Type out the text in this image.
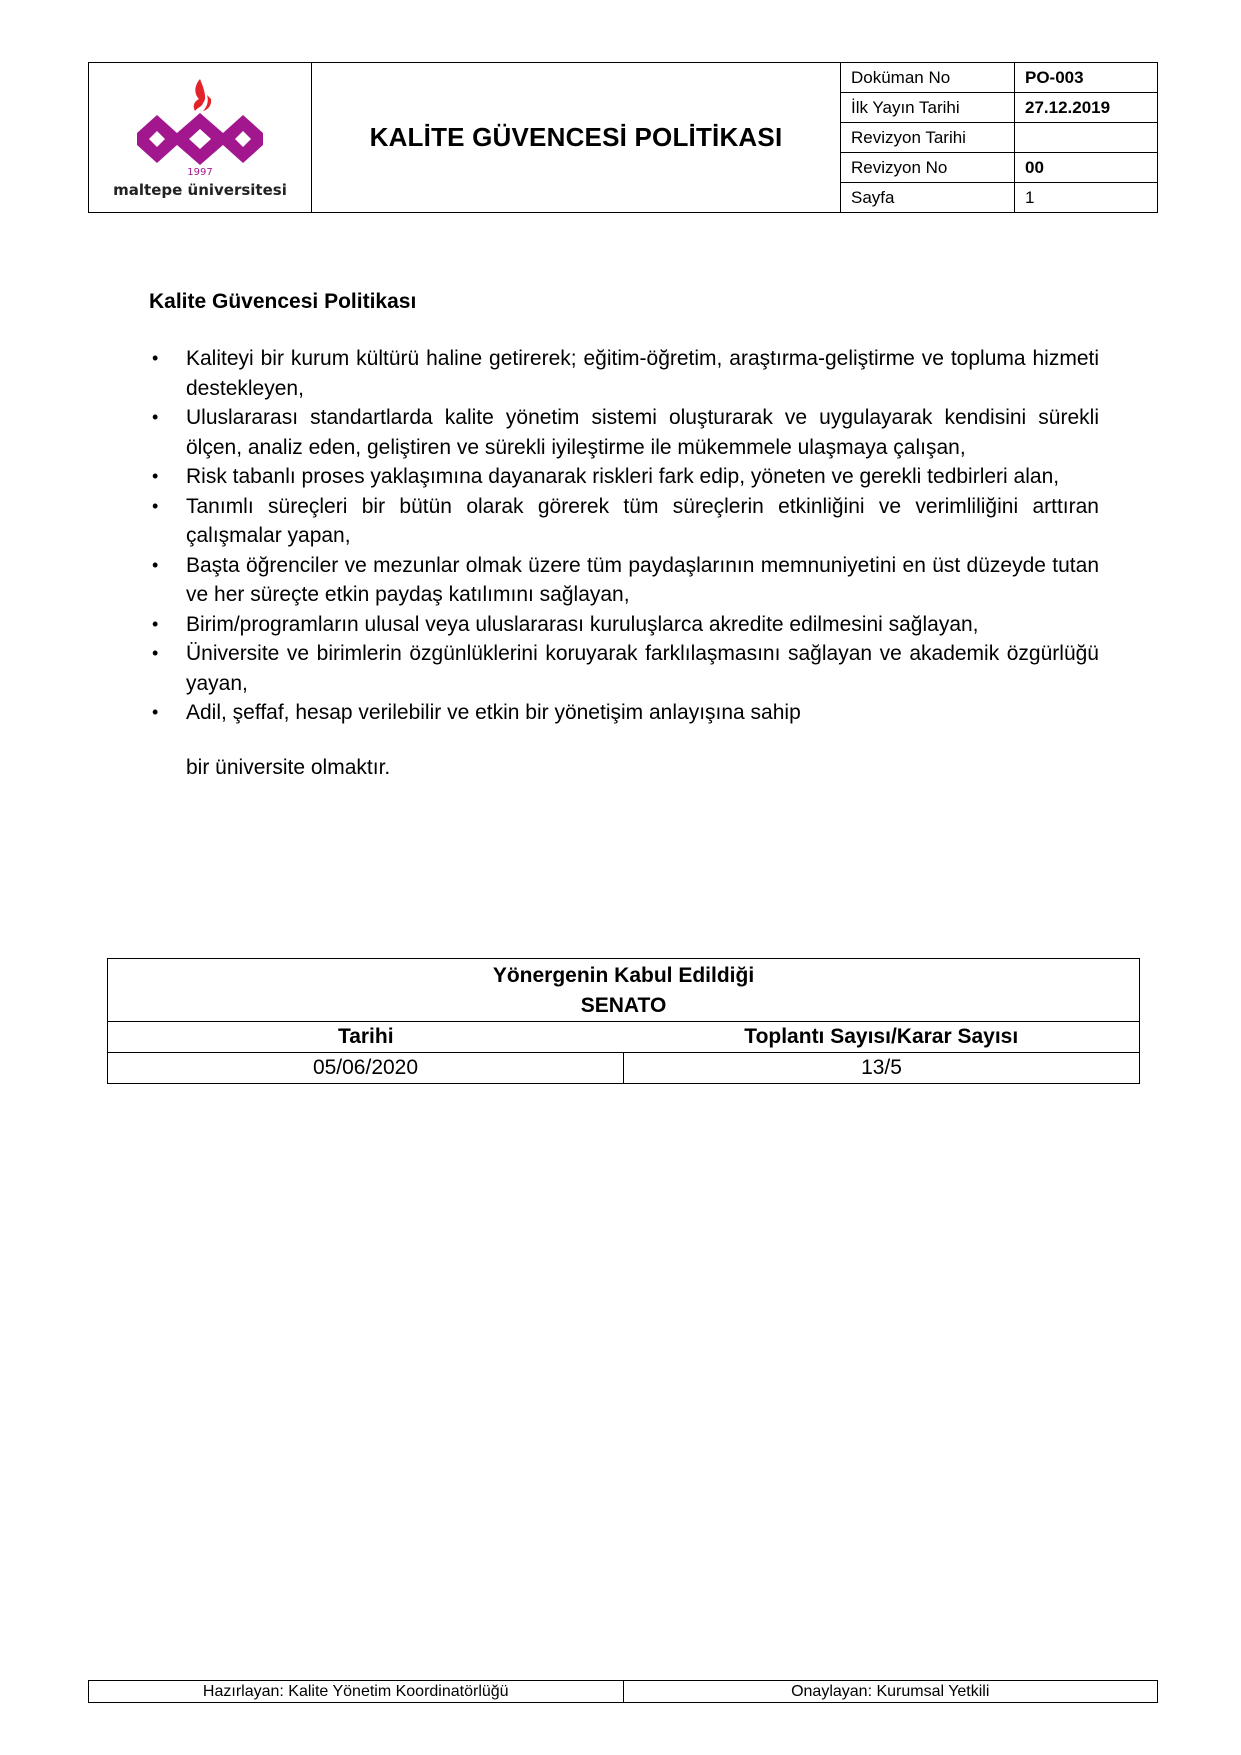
1997
maltepe üniversitesi	KALİTE GÜVENCESİ POLİTİKASI	Doküman No	PO-003
		İlk Yayın Tarihi	27.12.2019
		Revizyon Tarihi	
		Revizyon No	00
		Sayfa	1

Kalite Güvencesi Politikası

• Kaliteyi bir kurum kültürü haline getirerek; eğitim-öğretim, araştırma-geliştirme ve topluma hizmeti destekleyen,
• Uluslararası standartlarda kalite yönetim sistemi oluşturarak ve uygulayarak kendisini sürekli ölçen, analiz eden, geliştiren ve sürekli iyileştirme ile mükemmele ulaşmaya çalışan,
• Risk tabanlı proses yaklaşımına dayanarak riskleri fark edip, yöneten ve gerekli tedbirleri alan,
• Tanımlı süreçleri bir bütün olarak görerek tüm süreçlerin etkinliğini ve verimliliğini arttıran çalışmalar yapan,
• Başta öğrenciler ve mezunlar olmak üzere tüm paydaşlarının memnuniyetini en üst düzeyde tutan ve her süreçte etkin paydaş katılımını sağlayan,
• Birim/programların ulusal veya uluslararası kuruluşlarca akredite edilmesini sağlayan,
• Üniversite ve birimlerin özgünlüklerini koruyarak farklılaşmasını sağlayan ve akademik özgürlüğü yayan,
• Adil, şeffaf, hesap verilebilir ve etkin bir yönetişim anlayışına sahip

bir üniversite olmaktır.

Yönergenin Kabul Edildiği
SENATO	

Tarihi	Toplantı Sayısı/Karar Sayısı
05/06/2020	13/5
Hazırlayan: Kalite Yönetim Koordinatörlüğü	Onaylayan: Kurumsal Yetkili
